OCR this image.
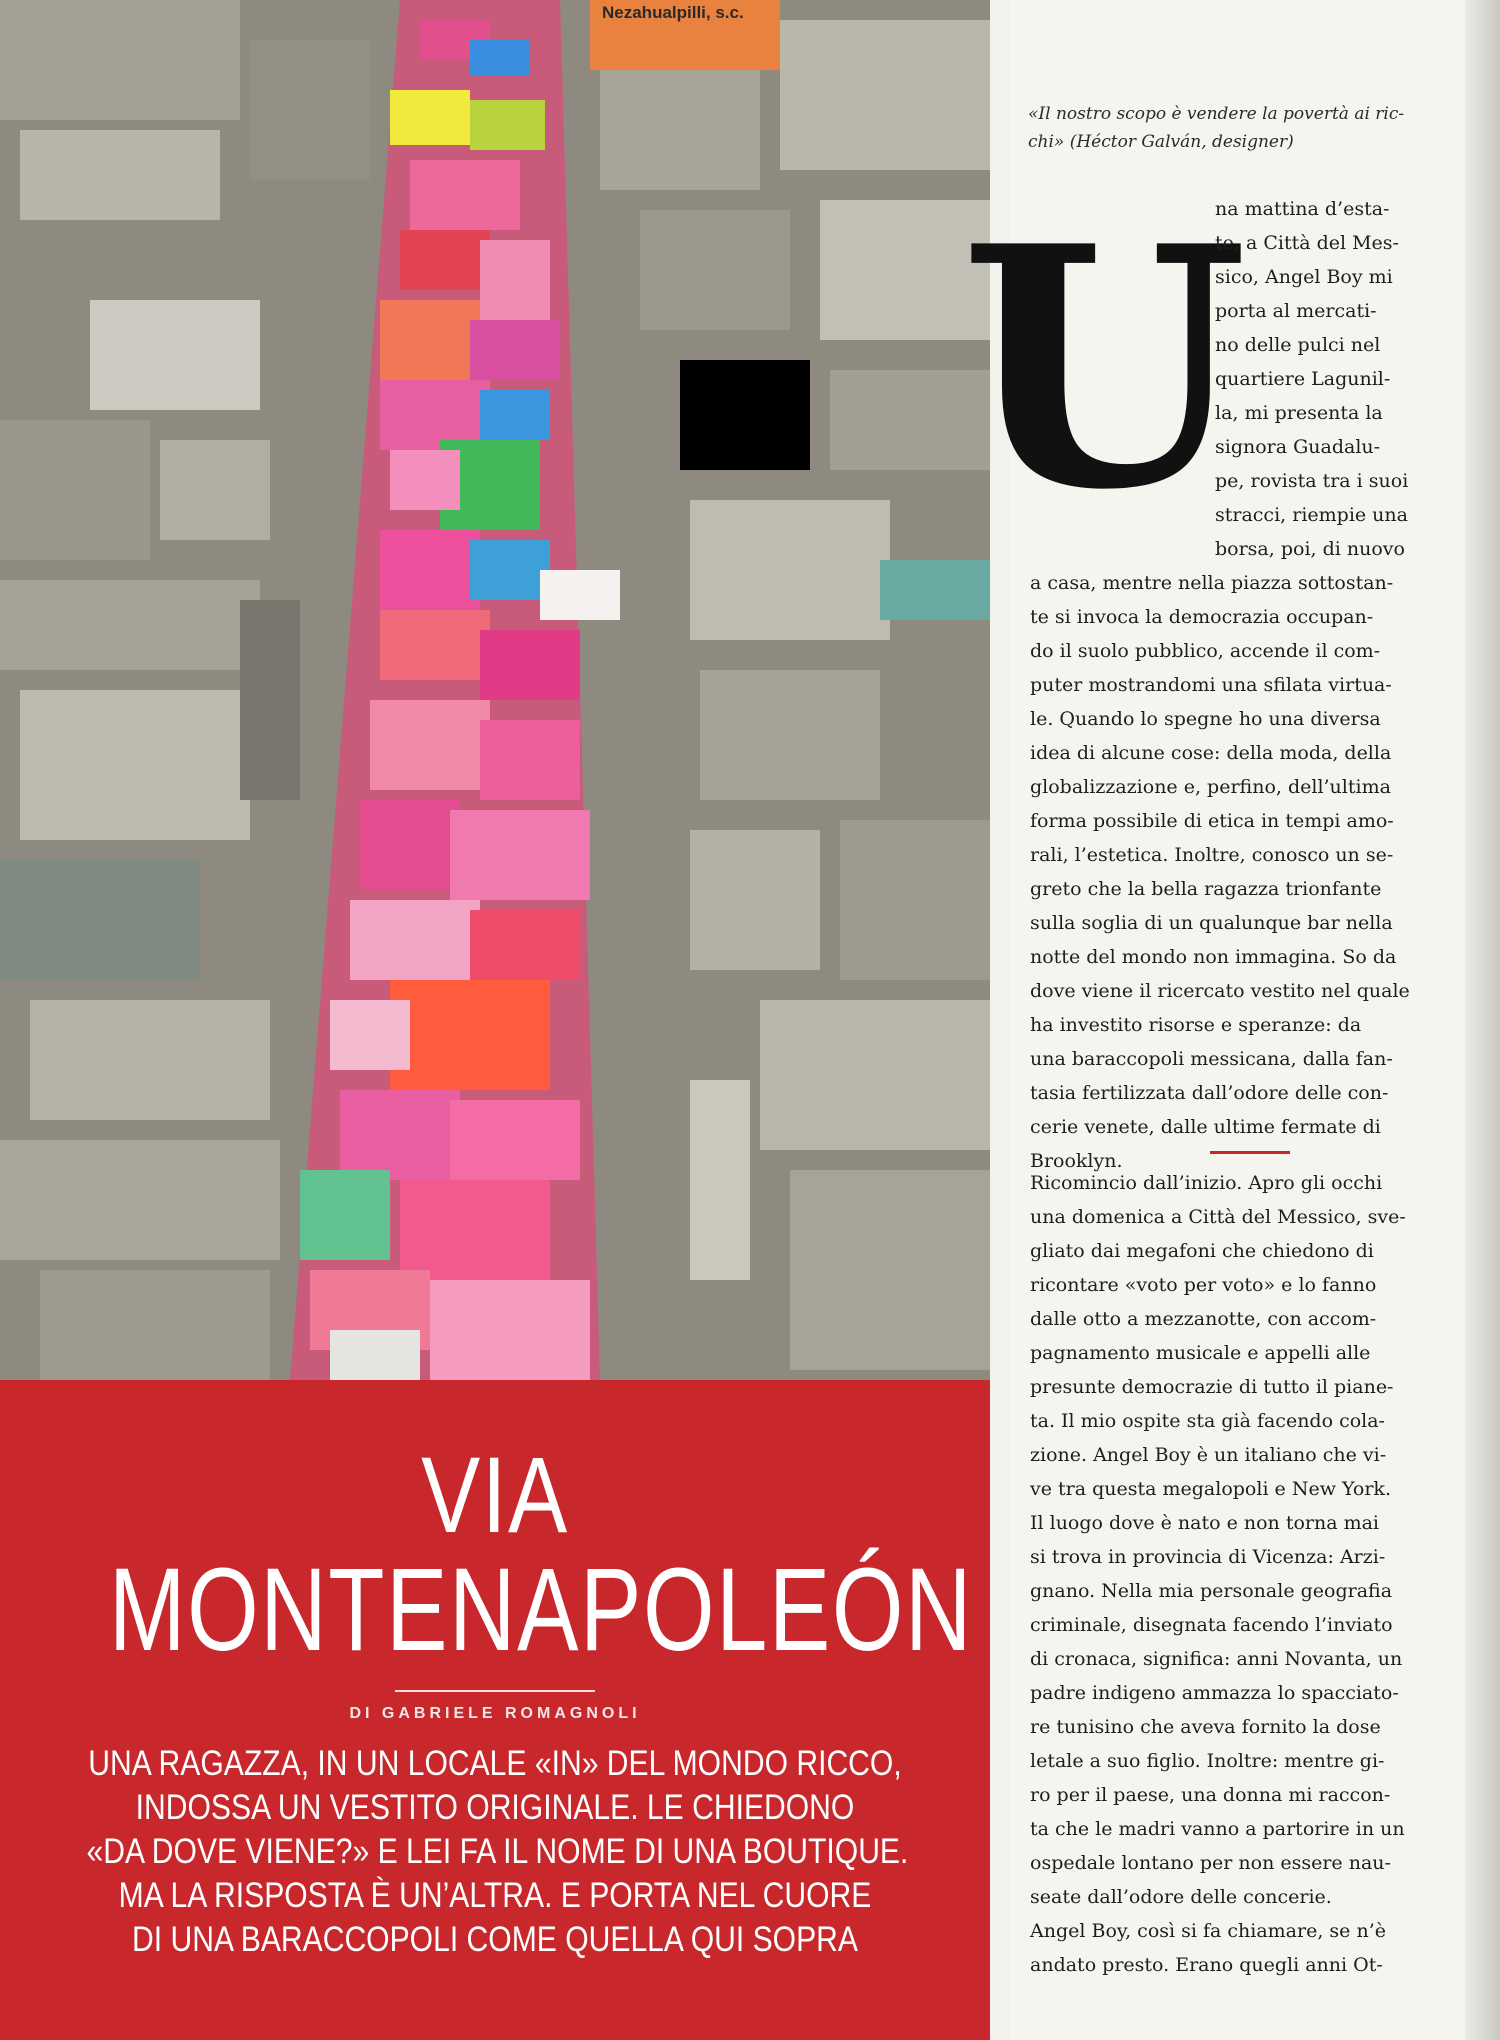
Nezahualpilli, s.c.
VIA
MONTENAPOLEÓN
DI GABRIELE ROMAGNOLI
UNA RAGAZZA, IN UN LOCALE «IN» DEL MONDO RICCO,
INDOSSA UN VESTITO ORIGINALE. LE CHIEDONO
«DA DOVE VIENE?» E LEI FA IL NOME DI UNA BOUTIQUE.
MA LA RISPOSTA È UN’ALTRA. E PORTA NEL CUORE
DI UNA BARACCOPOLI COME QUELLA QUI SOPRA
«Il nostro scopo è vendere la povertà ai ric-
chi» (Héctor Galván, designer)
U
na mattina d’esta-
te, a Città del Mes-
sico, Angel Boy mi
porta al mercati-
no delle pulci nel
quartiere Lagunil-
la, mi presenta la
signora Guadalu-
pe, rovista tra i suoi
stracci, riempie una
borsa, poi, di nuovo
a casa, mentre nella piazza sottostan-
te si invoca la democrazia occupan-
do il suolo pubblico, accende il com-
puter mostrandomi una sfilata virtua-
le. Quando lo spegne ho una diversa
idea di alcune cose: della moda, della
globalizzazione e, perfino, dell’ultima
forma possibile di etica in tempi amo-
rali, l’estetica. Inoltre, conosco un se-
greto che la bella ragazza trionfante
sulla soglia di un qualunque bar nella
notte del mondo non immagina. So da
dove viene il ricercato vestito nel quale
ha investito risorse e speranze: da
una baraccopoli messicana, dalla fan-
tasia fertilizzata dall’odore delle con-
cerie venete, dalle ultime fermate di
Brooklyn.
Ricomincio dall’inizio. Apro gli occhi
una domenica a Città del Messico, sve-
gliato dai megafoni che chiedono di
ricontare «voto per voto» e lo fanno
dalle otto a mezzanotte, con accom-
pagnamento musicale e appelli alle
presunte democrazie di tutto il piane-
ta. Il mio ospite sta già facendo cola-
zione. Angel Boy è un italiano che vi-
ve tra questa megalopoli e New York.
Il luogo dove è nato e non torna mai
si trova in provincia di Vicenza: Arzi-
gnano. Nella mia personale geografia
criminale, disegnata facendo l’inviato
di cronaca, significa: anni Novanta, un
padre indigeno ammazza lo spacciato-
re tunisino che aveva fornito la dose
letale a suo figlio. Inoltre: mentre gi-
ro per il paese, una donna mi raccon-
ta che le madri vanno a partorire in un
ospedale lontano per non essere nau-
seate dall’odore delle concerie.
Angel Boy, così si fa chiamare, se n’è
andato presto. Erano quegli anni Ot-
